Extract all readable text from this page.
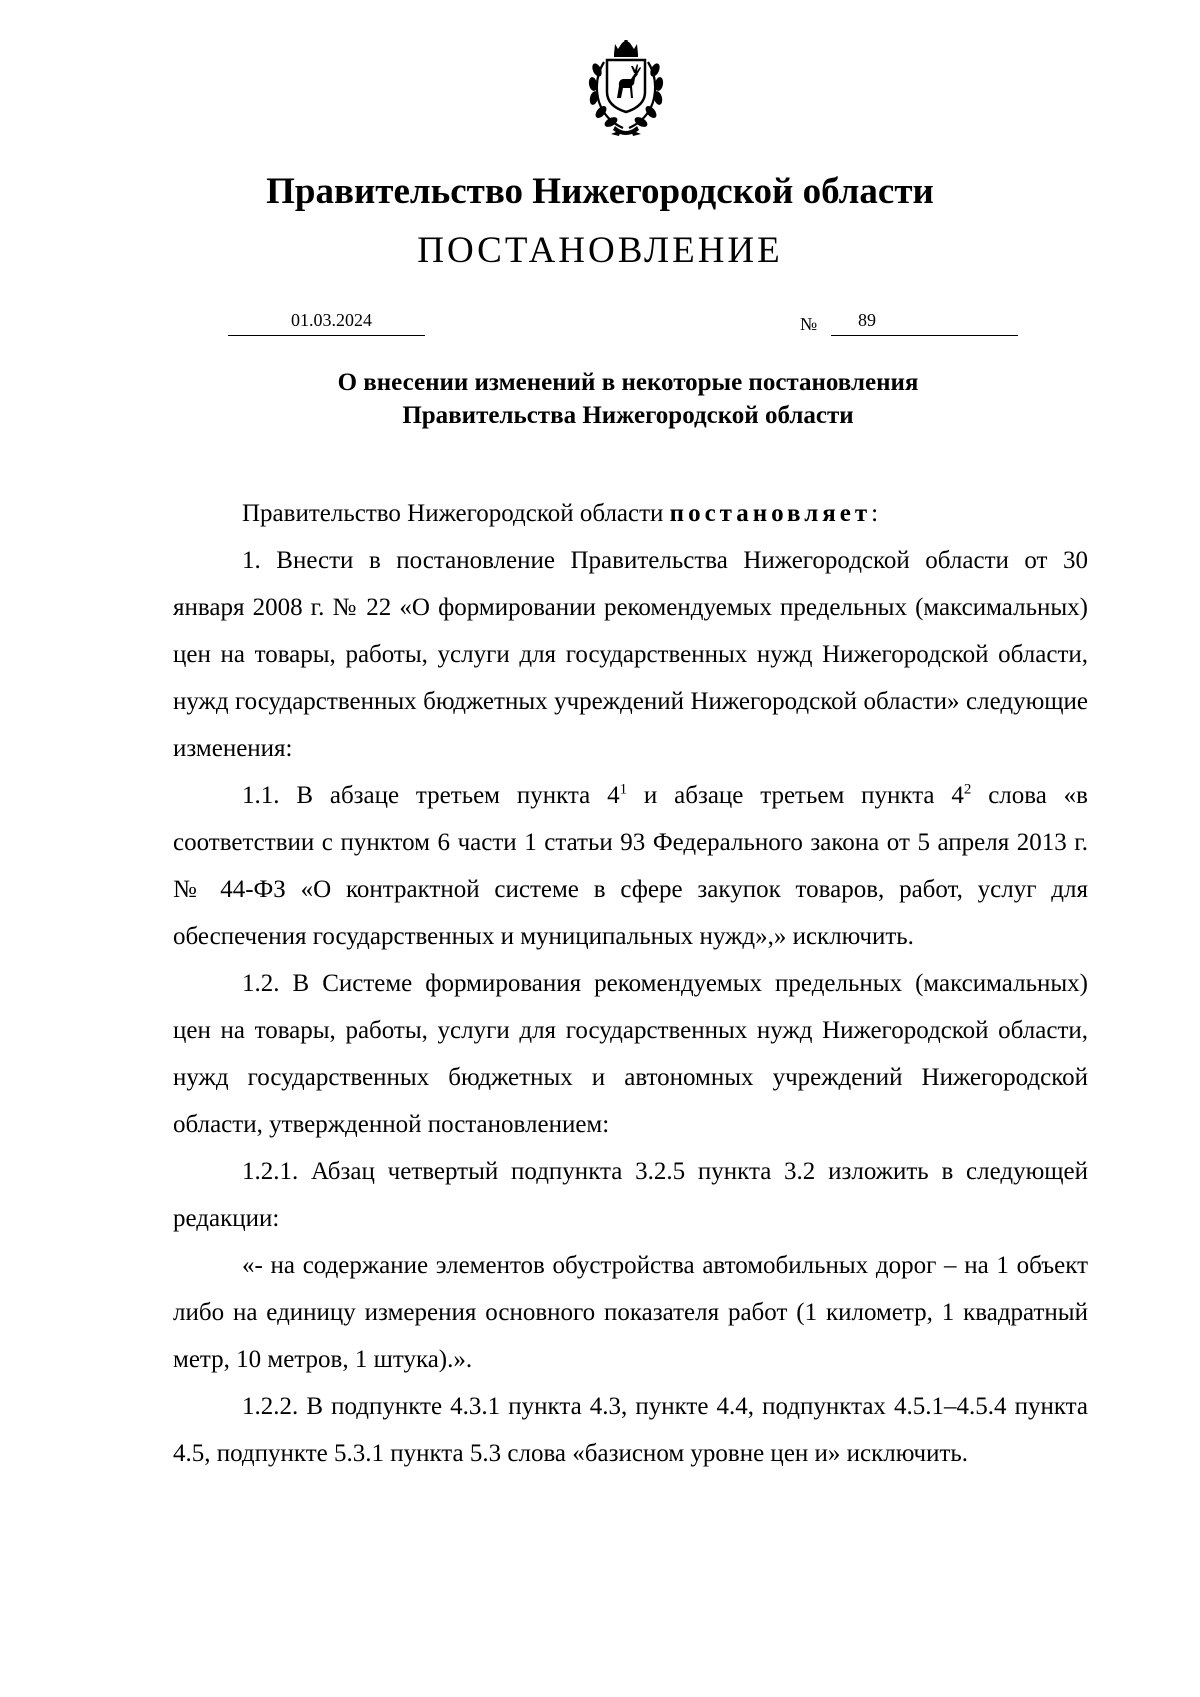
Правительство Нижегородской области
ПОСТАНОВЛЕНИЕ
01.03.2024	№	89
О внесении изменений в некоторые постановления
Правительства Нижегородской области

Правительство Нижегородской области постановляет:

1. Внести в постановление Правительства Нижегородской области от 30 января 2008 г. № 22 «О формировании рекомендуемых предельных (максимальных) цен на товары, работы, услуги для государственных нужд Нижегородской области, нужд государственных бюджетных учреждений Нижегородской области» следующие изменения:

1.1. В абзаце третьем пункта $4^1$ и абзаце третьем пункта $4^2$ слова «в соответствии с пунктом 6 части 1 статьи 93 Федерального закона от 5 апреля 2013 г. № 44-ФЗ «О контрактной системе в сфере закупок товаров, работ, услуг для обеспечения государственных и муниципальных нужд»,» исключить.

1.2. В Системе формирования рекомендуемых предельных (максимальных) цен на товары, работы, услуги для государственных нужд Нижегородской области, нужд государственных бюджетных и автономных учреждений Нижегородской области, утвержденной постановлением:

1.2.1. Абзац четвертый подпункта 3.2.5 пункта 3.2 изложить в следующей редакции:

«- на содержание элементов обустройства автомобильных дорог – на 1 объект либо на единицу измерения основного показателя работ (1 километр, 1 квадратный метр, 10 метров, 1 штука).».

1.2.2. В подпункте 4.3.1 пункта 4.3, пункте 4.4, подпунктах 4.5.1–4.5.4 пункта 4.5, подпункте 5.3.1 пункта 5.3 слова «базисном уровне цен и» исключить.
